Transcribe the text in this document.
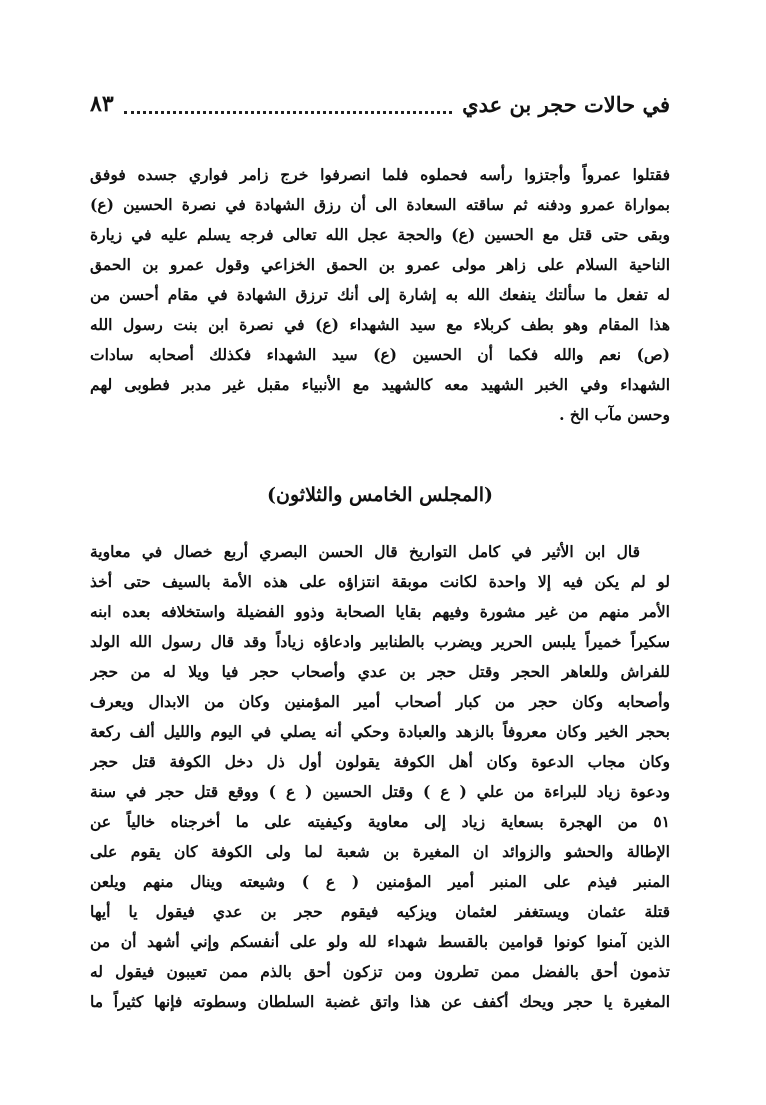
في حالات حجر بن عدي
٨٣
فقتلوا عمرواً وأجتزوا رأسه فحملوه فلما انصرفوا خرج زامر فواري جسده فوفق
بمواراة عمرو ودفنه ثم ساقته السعادة الى أن رزق الشهادة في نصرة الحسين (ع)
وبقى حتى قتل مع الحسين (ع) والحجة عجل الله تعالى فرجه يسلم عليه في زيارة
الناحية السلام على زاهر مولى عمرو بن الحمق الخزاعي وقول عمرو بن الحمق
له تفعل ما سألتك ينفعك الله به إشارة إلى أنك ترزق الشهادة في مقام أحسن من
هذا المقام وهو بطف كربلاء مع سيد الشهداء (ع) في نصرة ابن بنت رسول الله
(ص) نعم والله فكما أن الحسين (ع) سيد الشهداء فكذلك أصحابه سادات
الشهداء وفي الخبر الشهيد معه كالشهيد مع الأنبياء مقبل غير مدبر فطوبى لهم
وحسن مآب الخ .
(المجلس الخامس والثلاثون)
قال ابن الأثير في كامل التواريخ قال الحسن البصري أربع خصال في معاوية
لو لم يكن فيه إلا واحدة لكانت موبقة انتزاؤه على هذه الأمة بالسيف حتى أخذ
الأمر منهم من غير مشورة وفيهم بقايا الصحابة وذوو الفضيلة واستخلافه بعده ابنه
سكيراً خميراً يلبس الحرير ويضرب بالطنابير وادعاؤه زياداً وقد قال رسول الله الولد
للفراش وللعاهر الحجر وقتل حجر بن عدي وأصحاب حجر فيا ويلا له من حجر
وأصحابه وكان حجر من كبار أصحاب أمير المؤمنين وكان من الابدال ويعرف
بحجر الخير وكان معروفاً بالزهد والعبادة وحكي أنه يصلي في اليوم والليل ألف ركعة
وكان مجاب الدعوة وكان أهل الكوفة يقولون أول ذل دخل الكوفة قتل حجر
ودعوة زياد للبراءة من علي ( ع ) وقتل الحسين ( ع ) ووقع قتل حجر في سنة
٥١ من الهجرة بسعاية زياد إلى معاوية وكيفيته على ما أخرجناه خالياً عن
الإطالة والحشو والزوائد ان المغيرة بن شعبة لما ولى الكوفة كان يقوم على
المنبر فيذم على المنبر أمير المؤمنين ( ع ) وشيعته وينال منهم ويلعن
قتلة عثمان ويستغفر لعثمان ويزكيه فيقوم حجر بن عدي فيقول يا أيها
الذين آمنوا كونوا قوامين بالقسط شهداء لله ولو على أنفسكم وإني أشهد أن من
تذمون أحق بالفضل ممن تطرون ومن تزكون أحق بالذم ممن تعيبون فيقول له
المغيرة يا حجر ويحك أكفف عن هذا واتق غضبة السلطان وسطوته فإنها كثيراً ما
